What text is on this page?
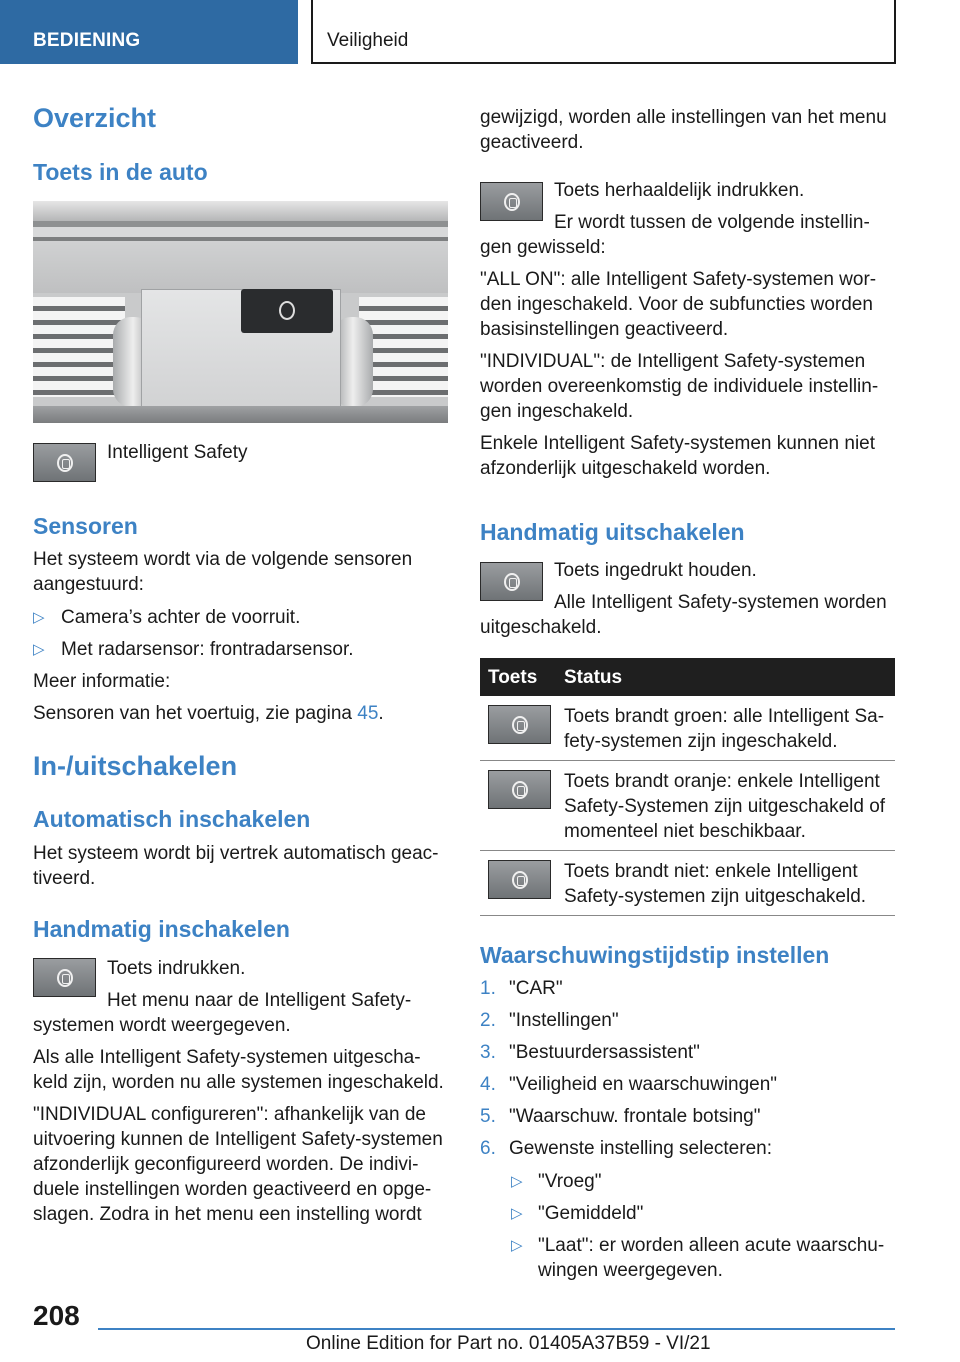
BEDIENING	Veiligheid
Overzicht
Toets in de auto
Intelligent Safety
Sensoren
Het systeem wordt via de volgende sensoren
aangestuurd:
▷ Camera’s achter de voorruit.
▷ Met radarsensor: frontradarsensor.
Meer informatie:
Sensoren van het voertuig, zie pagina 45.
In-/uitschakelen
Automatisch inschakelen
Het systeem wordt bij vertrek automatisch geac-
tiveerd.
Handmatig inschakelen
Toets indrukken.
Het menu naar de Intelligent Safety-
systemen wordt weergegeven.
Als alle Intelligent Safety-systemen uitgescha-
keld zijn, worden nu alle systemen ingeschakeld.
"INDIVIDUAL configureren": afhankelijk van de
uitvoering kunnen de Intelligent Safety-systemen
afzonderlijk geconfigureerd worden. De indivi-
duele instellingen worden geactiveerd en opge-
slagen. Zodra in het menu een instelling wordt
gewijzigd, worden alle instellingen van het menu
geactiveerd.
Toets herhaaldelijk indrukken.
Er wordt tussen de volgende instellin-
gen gewisseld:
"ALL ON": alle Intelligent Safety-systemen wor-
den ingeschakeld. Voor de subfuncties worden
basisinstellingen geactiveerd.
"INDIVIDUAL": de Intelligent Safety-systemen
worden overeenkomstig de individuele instellin-
gen ingeschakeld.
Enkele Intelligent Safety-systemen kunnen niet
afzonderlijk uitgeschakeld worden.
Handmatig uitschakelen
Toets ingedrukt houden.
Alle Intelligent Safety-systemen worden
uitgeschakeld.
Toets Status
Toets brandt groen: alle Intelligent Sa-
fety-systemen zijn ingeschakeld.
Toets brandt oranje: enkele Intelligent
Safety-Systemen zijn uitgeschakeld of
momenteel niet beschikbaar.
Toets brandt niet: enkele Intelligent
Safety-systemen zijn uitgeschakeld.
Waarschuwingstijdstip instellen
1. "CAR"
2. "Instellingen"
3. "Bestuurdersassistent"
4. "Veiligheid en waarschuwingen"
5. "Waarschuw. frontale botsing"
6. Gewenste instelling selecteren:
▷ "Vroeg"
▷ "Gemiddeld"
▷ "Laat": er worden alleen acute waarschu-
wingen weergegeven.
208
Online Edition for Part no. 01405A37B59 - VI/21
